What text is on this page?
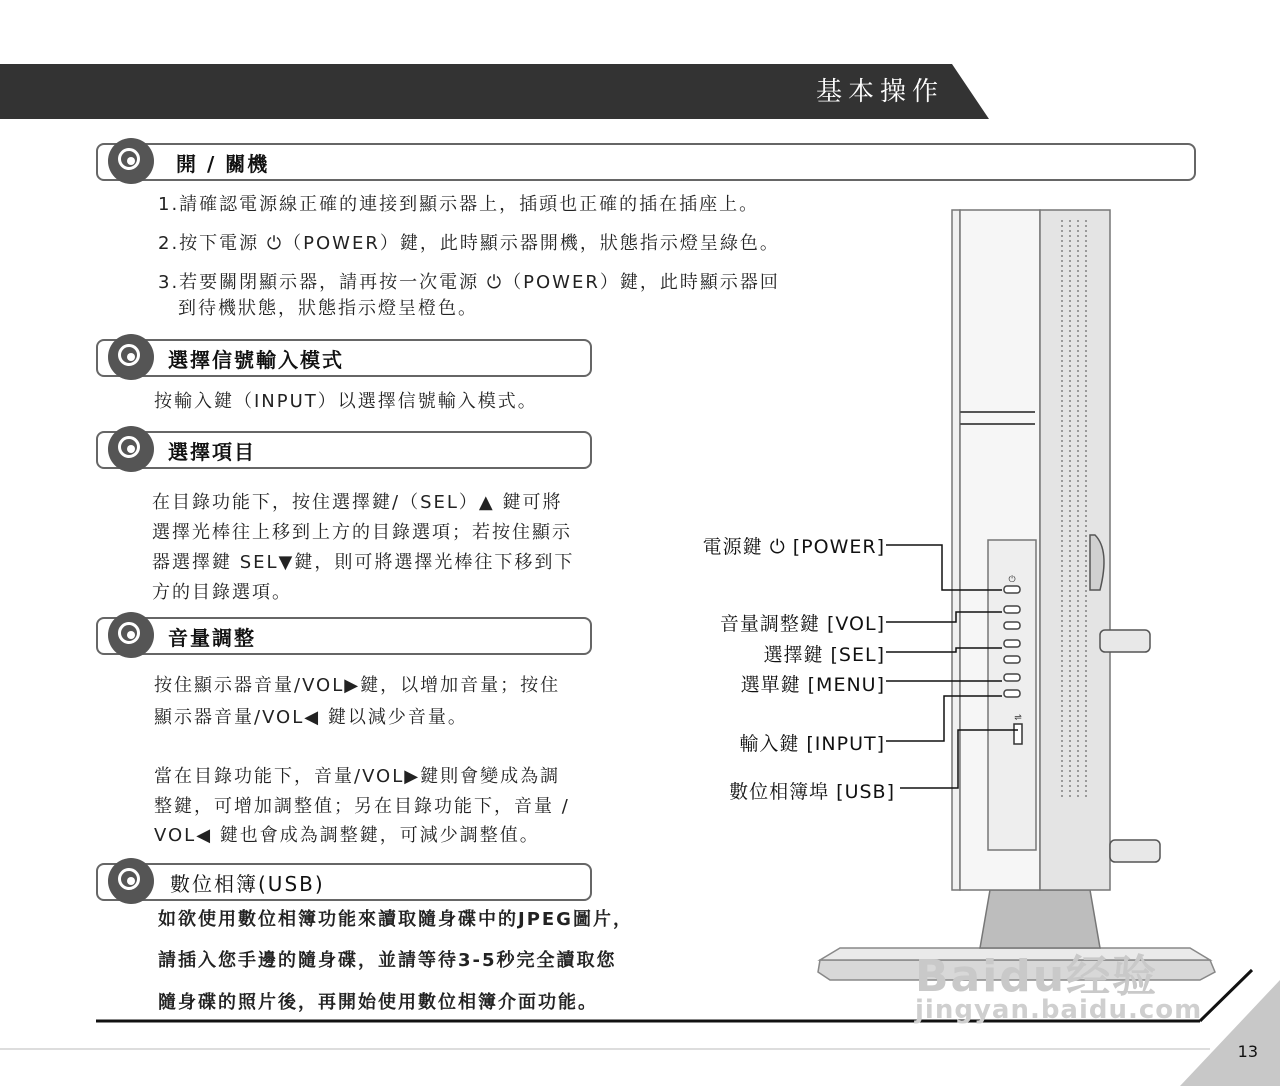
基本操作
開 / 關機
1.請確認電源線正確的連接到顯示器上，插頭也正確的插在插座上。
2.按下電源 ⏻（POWER）鍵，此時顯示器開機，狀態指示燈呈綠色。
3.若要關閉顯示器，請再按一次電源 ⏻（POWER）鍵，此時顯示器回
到待機狀態，狀態指示燈呈橙色。
選擇信號輸入模式
按輸入鍵（INPUT）以選擇信號輸入模式。
選擇項目
在目錄功能下，按住選擇鍵/（SEL）▲ 鍵可將
選擇光棒往上移到上方的目錄選項；若按住顯示
器選擇鍵 SEL▼鍵，則可將選擇光棒往下移到下
方的目錄選項。
音量調整
按住顯示器音量/VOL▶鍵，以增加音量；按住
顯示器音量/VOL◀ 鍵以減少音量。
當在目錄功能下，音量/VOL▶鍵則會變成為調
整鍵，可增加調整值；另在目錄功能下，音量 /
VOL◀ 鍵也會成為調整鍵，可減少調整值。
數位相簿(USB)
如欲使用數位相簿功能來讀取隨身碟中的JPEG圖片，
請插入您手邊的隨身碟，並請等待3-5秒完全讀取您
隨身碟的照片後，再開始使用數位相簿介面功能。
⏻
⇌
電源鍵 ⏻ [POWER]
音量調整鍵 [VOL]
選擇鍵 [SEL]
選單鍵 [MENU]
輸入鍵 [INPUT]
數位相簿埠 [USB]
13
Baidu经验
jingyan.baidu.com
